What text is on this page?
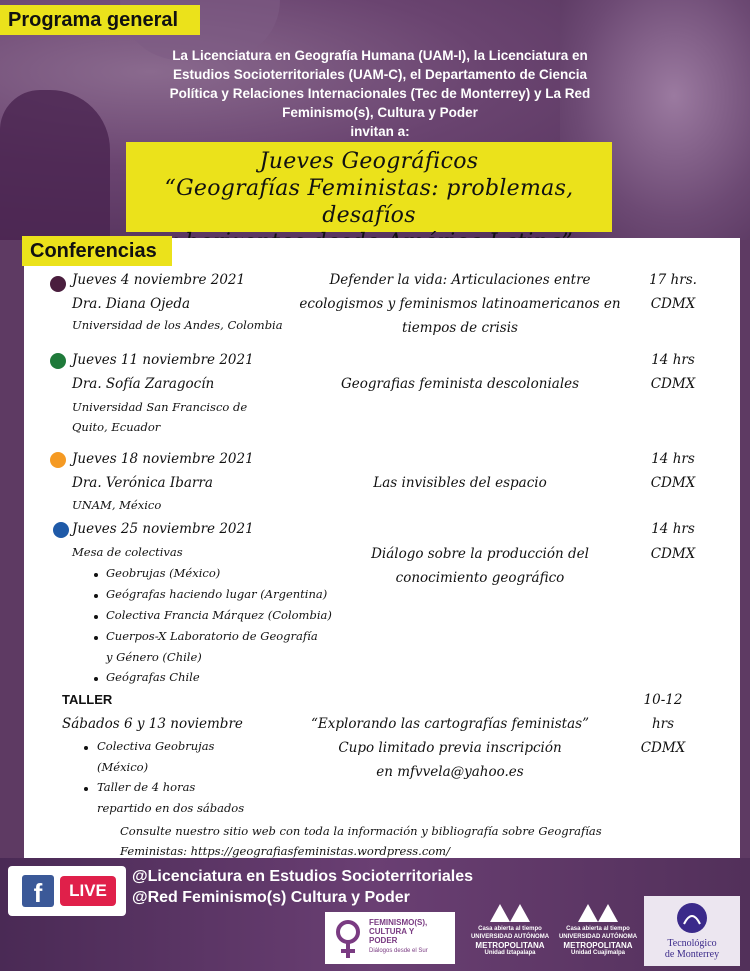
Programa general
La Licenciatura en Geografía Humana (UAM-I), la Licenciatura en Estudios Socioterritoriales (UAM-C), el Departamento de Ciencia Política y Relaciones Internacionales (Tec de Monterrey) y La Red Feminismo(s), Cultura y Poder
invitan a:
Jueves Geográficos
“Geografías Feministas: problemas, desafíos
Conferencias
Jueves 4 noviembre 2021
Dra. Diana Ojeda
Universidad de los Andes, Colombia
Defender la vida: Articulaciones entre
ecologismos y feminismos latinoamericanos en
tiempos de crisis
17 hrs.
CDMX
Jueves 11 noviembre 2021
Dra. Sofía Zaragocín
Universidad San Francisco de
Quito, Ecuador
Geografias feminista descoloniales
14 hrs
CDMX
Jueves 18 noviembre 2021
Dra. Verónica Ibarra
UNAM, México
Las invisibles del espacio
14 hrs
CDMX
Jueves 25 noviembre 2021
Mesa de colectivas
Geobrujas (México)
Geógrafas haciendo lugar (Argentina)
Colectiva Francia Márquez (Colombia)
Cuerpos-X Laboratorio de Geografía
y Género (Chile)
Geógrafas Chile
Diálogo sobre la producción del
conocimiento geográfico
14 hrs
CDMX
TALLER
Sábados 6 y 13 noviembre
Colectiva Geobrujas
(México)
Taller de 4 horas
repartido en dos sábados
“Explorando las cartografías feministas”
Cupo limitado previa inscripción
en mfvvela@yahoo.es
10-12
hrs
CDMX
Consulte nuestro sitio web con toda la información y bibliografía sobre Geografías
Feministas: https://geografiasfeministas.wordpress.com/
f	LIVE
@Licenciatura en Estudios Socioterritoriales
@Red Feminismo(s) Cultura y Poder
FEMINISMO(S),
CULTURA Y
PODER
Diálogos desde el Sur
Casa abierta al tiempo
UNIVERSIDAD AUTÓNOMA
METROPOLITANA
Unidad Iztapalapa
Casa abierta al tiempo
UNIVERSIDAD AUTÓNOMA
METROPOLITANA
Unidad Cuajimalpa
Tecnológico
de Monterrey
